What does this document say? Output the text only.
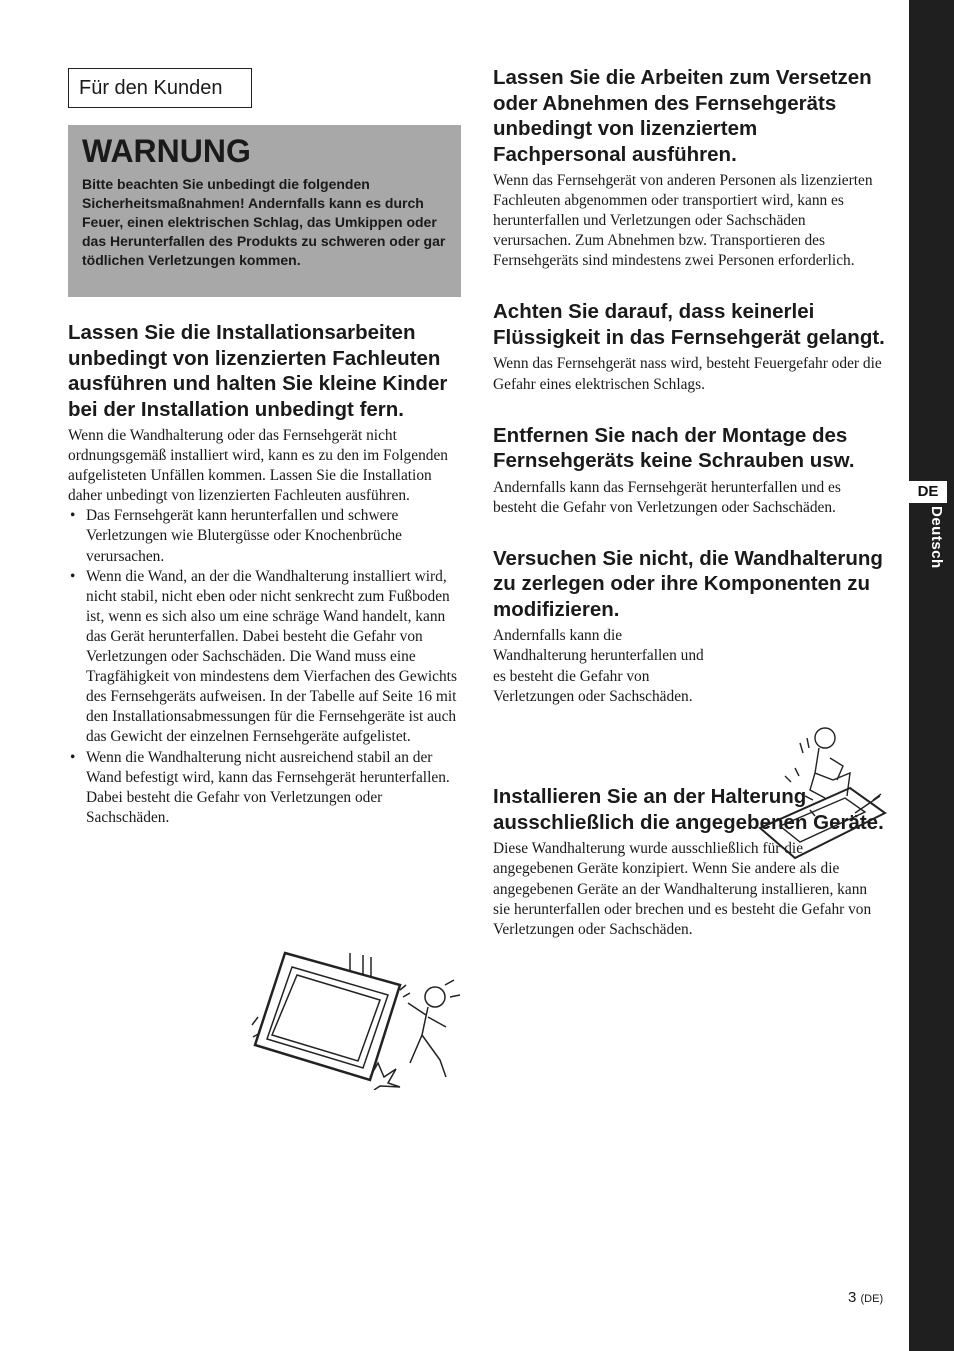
DE
Deutsch
Für den Kunden
WARNUNG

Bitte beachten Sie unbedingt die folgenden Sicherheitsmaßnahmen! Andernfalls kann es durch Feuer, einen elektrischen Schlag, das Umkippen oder das Herunterfallen des Produkts zu schweren oder gar tödlichen Verletzungen kommen.

Lassen Sie die Installationsarbeiten unbedingt von lizenzierten Fachleuten ausführen und halten Sie kleine Kinder bei der Installation unbedingt fern.

Wenn die Wandhalterung oder das Fernsehgerät nicht ordnungsgemäß installiert wird, kann es zu den im Folgenden aufgelisteten Unfällen kommen. Lassen Sie die Installation daher unbedingt von lizenzierten Fachleuten ausführen.

• Das Fernsehgerät kann herunterfallen und schwere Verletzungen wie Blutergüsse oder Knochenbrüche verursachen.
• Wenn die Wand, an der die Wandhalterung installiert wird, nicht stabil, nicht eben oder nicht senkrecht zum Fußboden ist, wenn es sich also um eine schräge Wand handelt, kann das Gerät herunterfallen. Dabei besteht die Gefahr von Verletzungen oder Sachschäden. Die Wand muss eine Tragfähigkeit von mindestens dem Vierfachen des Gewichts des Fernsehgeräts aufweisen. In der Tabelle auf Seite 16 mit den Installationsabmessungen für die Fernsehgeräte ist auch das Gewicht der einzelnen Fernsehgeräte aufgelistet.
• Wenn die Wandhalterung nicht ausreichend stabil an der Wand befestigt wird, kann das Fernsehgerät herunterfallen. Dabei besteht die Gefahr von Verletzungen oder Sachschäden.
Lassen Sie die Arbeiten zum Versetzen oder Abnehmen des Fernsehgeräts unbedingt von lizenziertem Fachpersonal ausführen.

Wenn das Fernsehgerät von anderen Personen als lizenzierten Fachleuten abgenommen oder transportiert wird, kann es herunterfallen und Verletzungen oder Sachschäden verursachen. Zum Abnehmen bzw. Transportieren des Fernsehgeräts sind mindestens zwei Personen erforderlich.

Achten Sie darauf, dass keinerlei Flüssigkeit in das Fernsehgerät gelangt.

Wenn das Fernsehgerät nass wird, besteht Feuergefahr oder die Gefahr eines elektrischen Schlags.

Entfernen Sie nach der Montage des Fernsehgeräts keine Schrauben usw.

Andernfalls kann das Fernsehgerät herunterfallen und es besteht die Gefahr von Verletzungen oder Sachschäden.

Versuchen Sie nicht, die Wandhalterung zu zerlegen oder ihre Komponenten zu modifizieren.

Andernfalls kann die Wandhalterung herunterfallen und es besteht die Gefahr von Verletzungen oder Sachschäden.

Installieren Sie an der Halterung ausschließlich die angegebenen Geräte.

Diese Wandhalterung wurde ausschließlich für die angegebenen Geräte konzipiert. Wenn Sie andere als die angegebenen Geräte an der Wandhalterung installieren, kann sie herunterfallen oder brechen und es besteht die Gefahr von Verletzungen oder Sachschäden.

3 (DE)
